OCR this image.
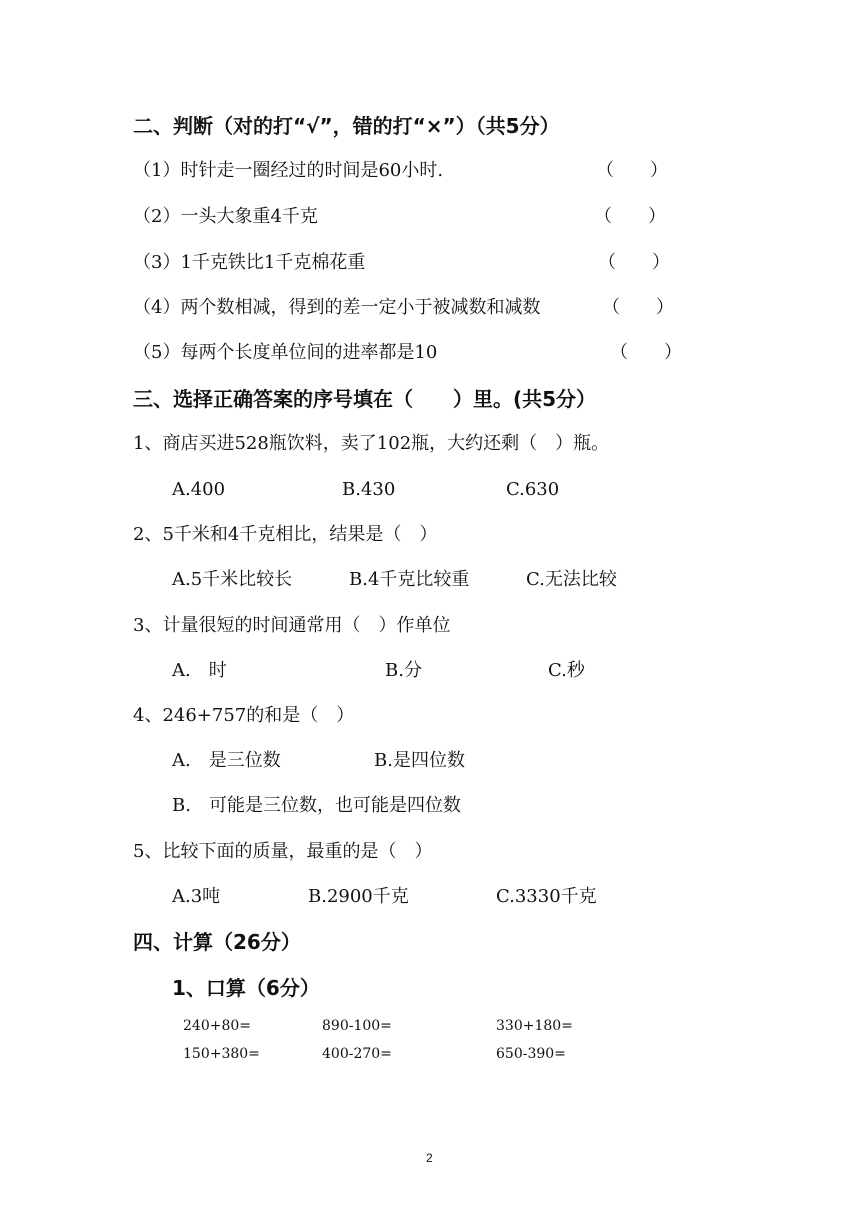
二、判断（对的打“√”，错的打“×”）（共5分）
（1）时针走一圈经过的时间是60小时.	（　　）
（2）一头大象重4千克	（　　）
（3）1千克铁比1千克棉花重	（　　）
（4）两个数相减，得到的差一定小于被减数和减数	（　　）
（5）每两个长度单位间的进率都是10	（　　）
三、选择正确答案的序号填在（　　）里。(共5分）
1、商店买进528瓶饮料，卖了102瓶，大约还剩（　）瓶。
A.400	B.430	C.630
2、5千米和4千克相比，结果是（　）
A.5千米比较长	B.4千克比较重	C.无法比较
3、计量很短的时间通常用（　）作单位
A.　时	B.分	C.秒
4、246+757的和是（　）
A.　是三位数	B.是四位数
B.　可能是三位数，也可能是四位数
5、比较下面的质量，最重的是（　）
A.3吨	B.2900千克	C.3330千克
四、计算（26分）
1、口算（6分）
240+80=	890-100=	330+180=
150+380=	400-270=	650-390=
2
